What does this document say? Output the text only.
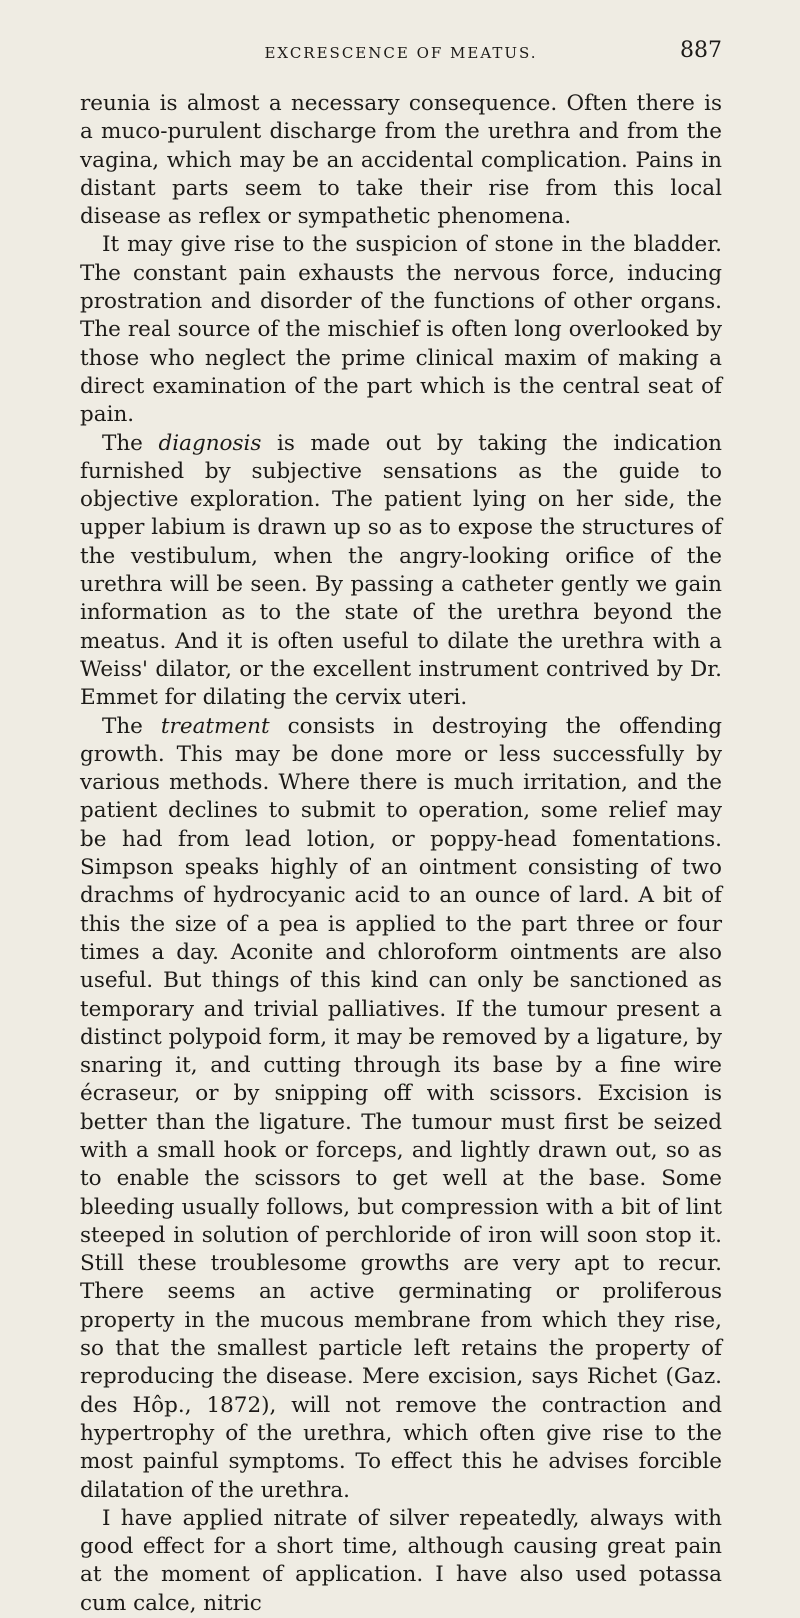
EXCRESCENCE OF MEATUS.	887

reunia is almost a necessary consequence. Often there is a muco-purulent discharge from the urethra and from the vagina, which may be an accidental complication. Pains in distant parts seem to take their rise from this local disease as reflex or sympathetic phenomena.

It may give rise to the suspicion of stone in the bladder. The constant pain exhausts the nervous force, inducing prostration and disorder of the functions of other organs. The real source of the mischief is often long overlooked by those who neglect the prime clinical maxim of making a direct examination of the part which is the central seat of pain.

The diagnosis is made out by taking the indication furnished by subjective sensations as the guide to objective exploration. The patient lying on her side, the upper labium is drawn up so as to expose the structures of the vestibulum, when the angry-looking orifice of the urethra will be seen. By passing a catheter gently we gain information as to the state of the urethra beyond the meatus. And it is often useful to dilate the urethra with a Weiss' dilator, or the excellent instrument contrived by Dr. Emmet for dilating the cervix uteri.

The treatment consists in destroying the offending growth. This may be done more or less successfully by various methods. Where there is much irritation, and the patient declines to submit to operation, some relief may be had from lead lotion, or poppy-head fomentations. Simpson speaks highly of an ointment consisting of two drachms of hydrocyanic acid to an ounce of lard. A bit of this the size of a pea is applied to the part three or four times a day. Aconite and chloroform ointments are also useful. But things of this kind can only be sanctioned as temporary and trivial palliatives. If the tumour present a distinct polypoid form, it may be removed by a ligature, by snaring it, and cutting through its base by a fine wire écraseur, or by snipping off with scissors. Excision is better than the ligature. The tumour must first be seized with a small hook or forceps, and lightly drawn out, so as to enable the scissors to get well at the base. Some bleeding usually follows, but compression with a bit of lint steeped in solution of perchloride of iron will soon stop it. Still these troublesome growths are very apt to recur. There seems an active germinating or proliferous property in the mucous membrane from which they rise, so that the smallest particle left retains the property of reproducing the disease. Mere excision, says Richet (Gaz. des Hôp., 1872), will not remove the contraction and hypertrophy of the urethra, which often give rise to the most painful symptoms. To effect this he advises forcible dilatation of the urethra.

I have applied nitrate of silver repeatedly, always with good effect for a short time, although causing great pain at the moment of application. I have also used potassa cum calce, nitric
